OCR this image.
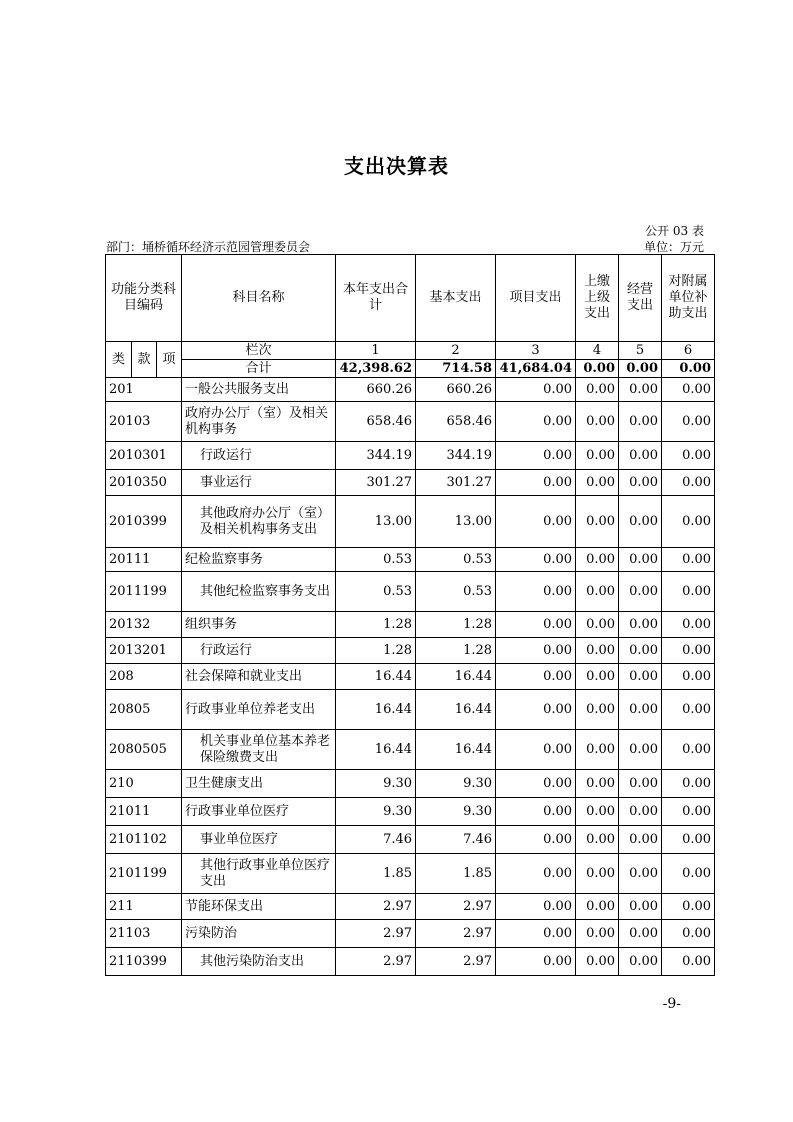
支出决算表
公开 03 表
部门：埇桥循环经济示范园管理委员会	单位：万元
功能分类科目编码			科目名称	本年支出合计	基本支出	项目支出	上缴上级支出	经营支出	对附属单位补助支出
类	款	项	栏次	1	2	3	4	5	6
			合计	42,398.62	714.58	41,684.04	0.00	0.00	0.00
201			一般公共服务支出	660.26	660.26	0.00	0.00	0.00	0.00
20103			政府办公厅（室）及相关机构事务	658.46	658.46	0.00	0.00	0.00	0.00
2010301			行政运行	344.19	344.19	0.00	0.00	0.00	0.00
2010350			事业运行	301.27	301.27	0.00	0.00	0.00	0.00
2010399			其他政府办公厅（室）及相关机构事务支出	13.00	13.00	0.00	0.00	0.00	0.00
20111			纪检监察事务	0.53	0.53	0.00	0.00	0.00	0.00
2011199			其他纪检监察事务支出	0.53	0.53	0.00	0.00	0.00	0.00
20132			组织事务	1.28	1.28	0.00	0.00	0.00	0.00
2013201			行政运行	1.28	1.28	0.00	0.00	0.00	0.00
208			社会保障和就业支出	16.44	16.44	0.00	0.00	0.00	0.00
20805			行政事业单位养老支出	16.44	16.44	0.00	0.00	0.00	0.00
2080505			机关事业单位基本养老保险缴费支出	16.44	16.44	0.00	0.00	0.00	0.00
210			卫生健康支出	9.30	9.30	0.00	0.00	0.00	0.00
21011			行政事业单位医疗	9.30	9.30	0.00	0.00	0.00	0.00
2101102			事业单位医疗	7.46	7.46	0.00	0.00	0.00	0.00
2101199			其他行政事业单位医疗支出	1.85	1.85	0.00	0.00	0.00	0.00
211			节能环保支出	2.97	2.97	0.00	0.00	0.00	0.00
21103			污染防治	2.97	2.97	0.00	0.00	0.00	0.00
2110399			其他污染防治支出	2.97	2.97	0.00	0.00	0.00	0.00
-9-
